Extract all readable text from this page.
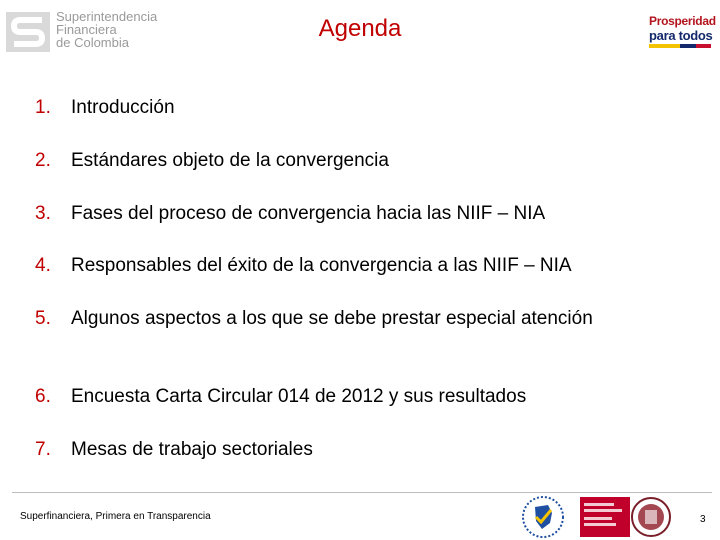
Superintendencia
Financiera
de Colombia
Agenda	Prosperidad
para todos
1. Introducción
2. Estándares objeto de la convergencia
3. Fases del proceso de convergencia hacia las NIIF – NIA
4. Responsables del éxito de la convergencia a las NIIF – NIA
5. Algunos aspectos a los que se debe prestar especial atención
6. Encuesta Carta Circular 014 de 2012 y sus resultados
7. Mesas de trabajo sectoriales
Superfinanciera, Primera en Transparencia	3
